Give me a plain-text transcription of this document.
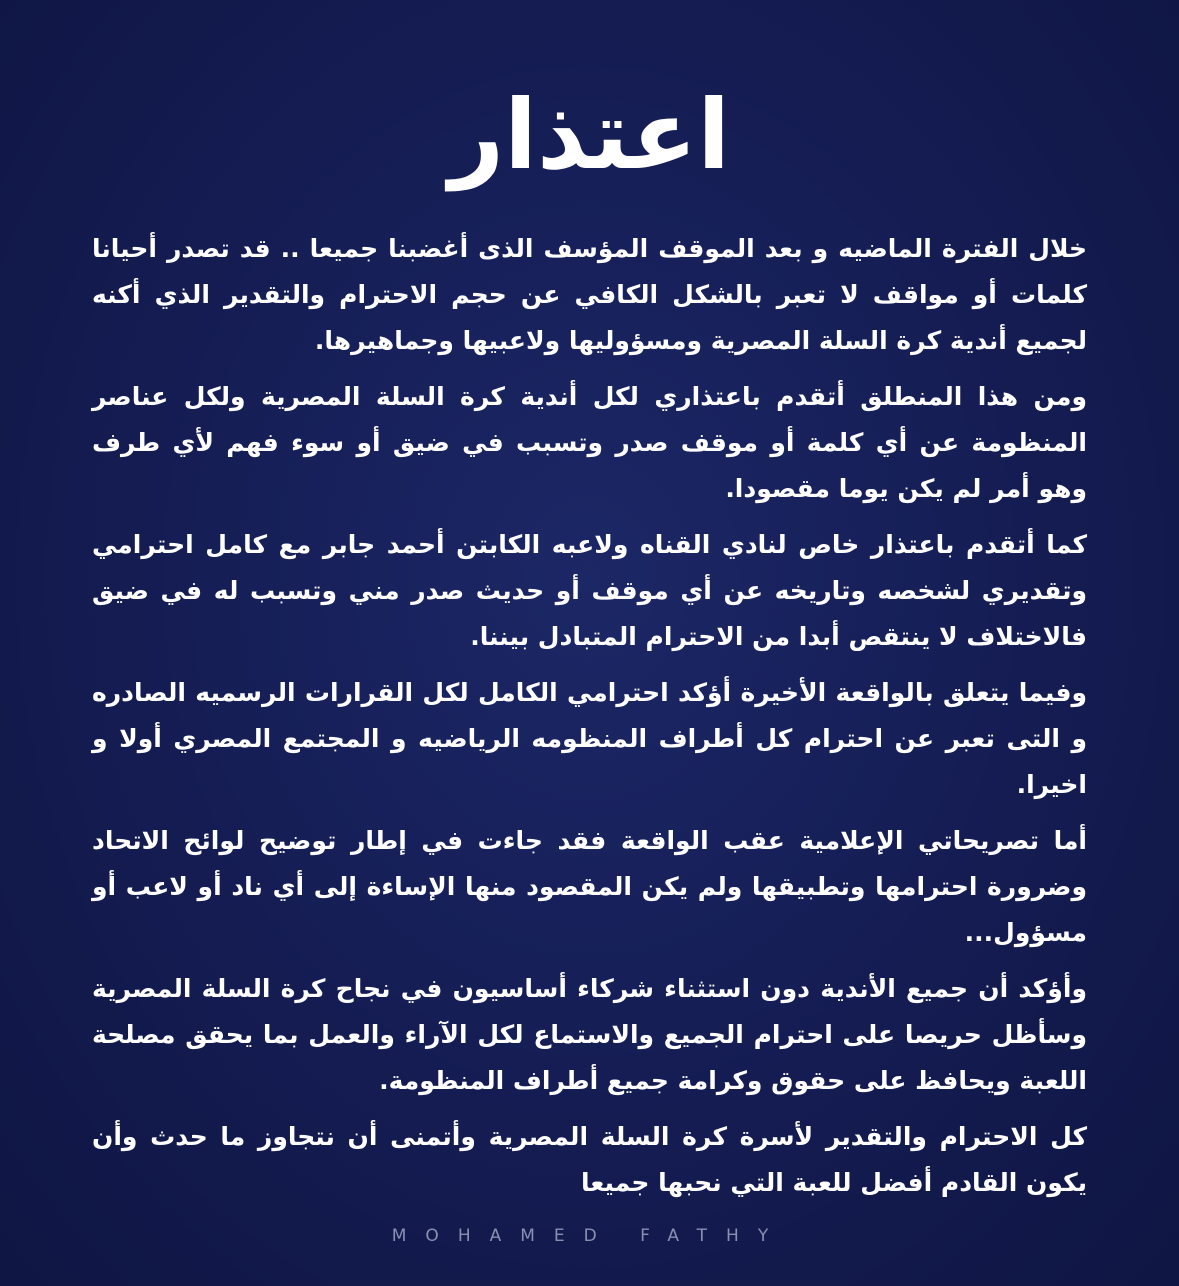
اعتذار

خلال الفترة الماضيه و بعد الموقف المؤسف الذى أغضبنا جميعا .. قد تصدر أحيانا كلمات أو مواقف لا تعبر بالشكل الكافي عن حجم الاحترام والتقدير الذي أكنه لجميع أندية كرة السلة المصرية ومسؤوليها ولاعبيها وجماهيرها.

ومن هذا المنطلق أتقدم باعتذاري لكل أندية كرة السلة المصرية ولكل عناصر المنظومة عن أي كلمة أو موقف صدر وتسبب في ضيق أو سوء فهم لأي طرف وهو أمر لم يكن يوما مقصودا.

كما أتقدم باعتذار خاص لنادي القناه ولاعبه الكابتن أحمد جابر مع كامل احترامي وتقديري لشخصه وتاريخه عن أي موقف أو حديث صدر مني وتسبب له في ضيق فالاختلاف لا ينتقص أبدا من الاحترام المتبادل بيننا.

وفيما يتعلق بالواقعة الأخيرة أؤكد احترامي الكامل لكل القرارات الرسميه الصادره و التى تعبر عن احترام كل أطراف المنظومه الرياضيه و المجتمع المصري أولا و اخيرا.

أما تصريحاتي الإعلامية عقب الواقعة فقد جاءت في إطار توضيح لوائح الاتحاد وضرورة احترامها وتطبيقها ولم يكن المقصود منها الإساءة إلى أي ناد أو لاعب أو مسؤول...

وأؤكد أن جميع الأندية دون استثناء شركاء أساسيون في نجاح كرة السلة المصرية وسأظل حريصا على احترام الجميع والاستماع لكل الآراء والعمل بما يحقق مصلحة اللعبة ويحافظ على حقوق وكرامة جميع أطراف المنظومة.

كل الاحترام والتقدير لأسرة كرة السلة المصرية وأتمنى أن نتجاوز ما حدث وأن يكون القادم أفضل للعبة التي نحبها جميعا

MOHAMED FATHY
